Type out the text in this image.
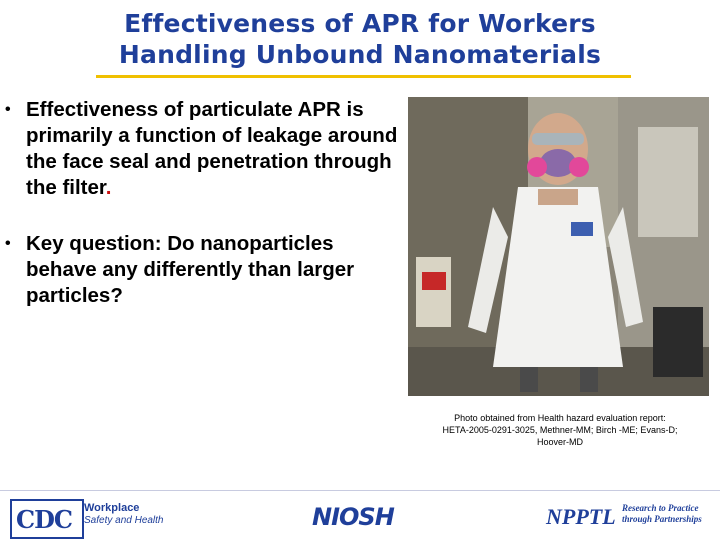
Effectiveness of APR for Workers
Handling Unbound Nanomaterials
• Effectiveness of particulate APR is primarily a function of leakage around the face seal and penetration through the filter.
• Key question: Do nanoparticles behave any differently than larger particles?
Photo obtained from Health hazard evaluation report: HETA-2005-0291-3025, Methner-MM; Birch -ME; Evans-D; Hoover-MD
CDC Workplace
Safety and Health	NIOSH	NPPTL Research to Practice
through Partnerships
